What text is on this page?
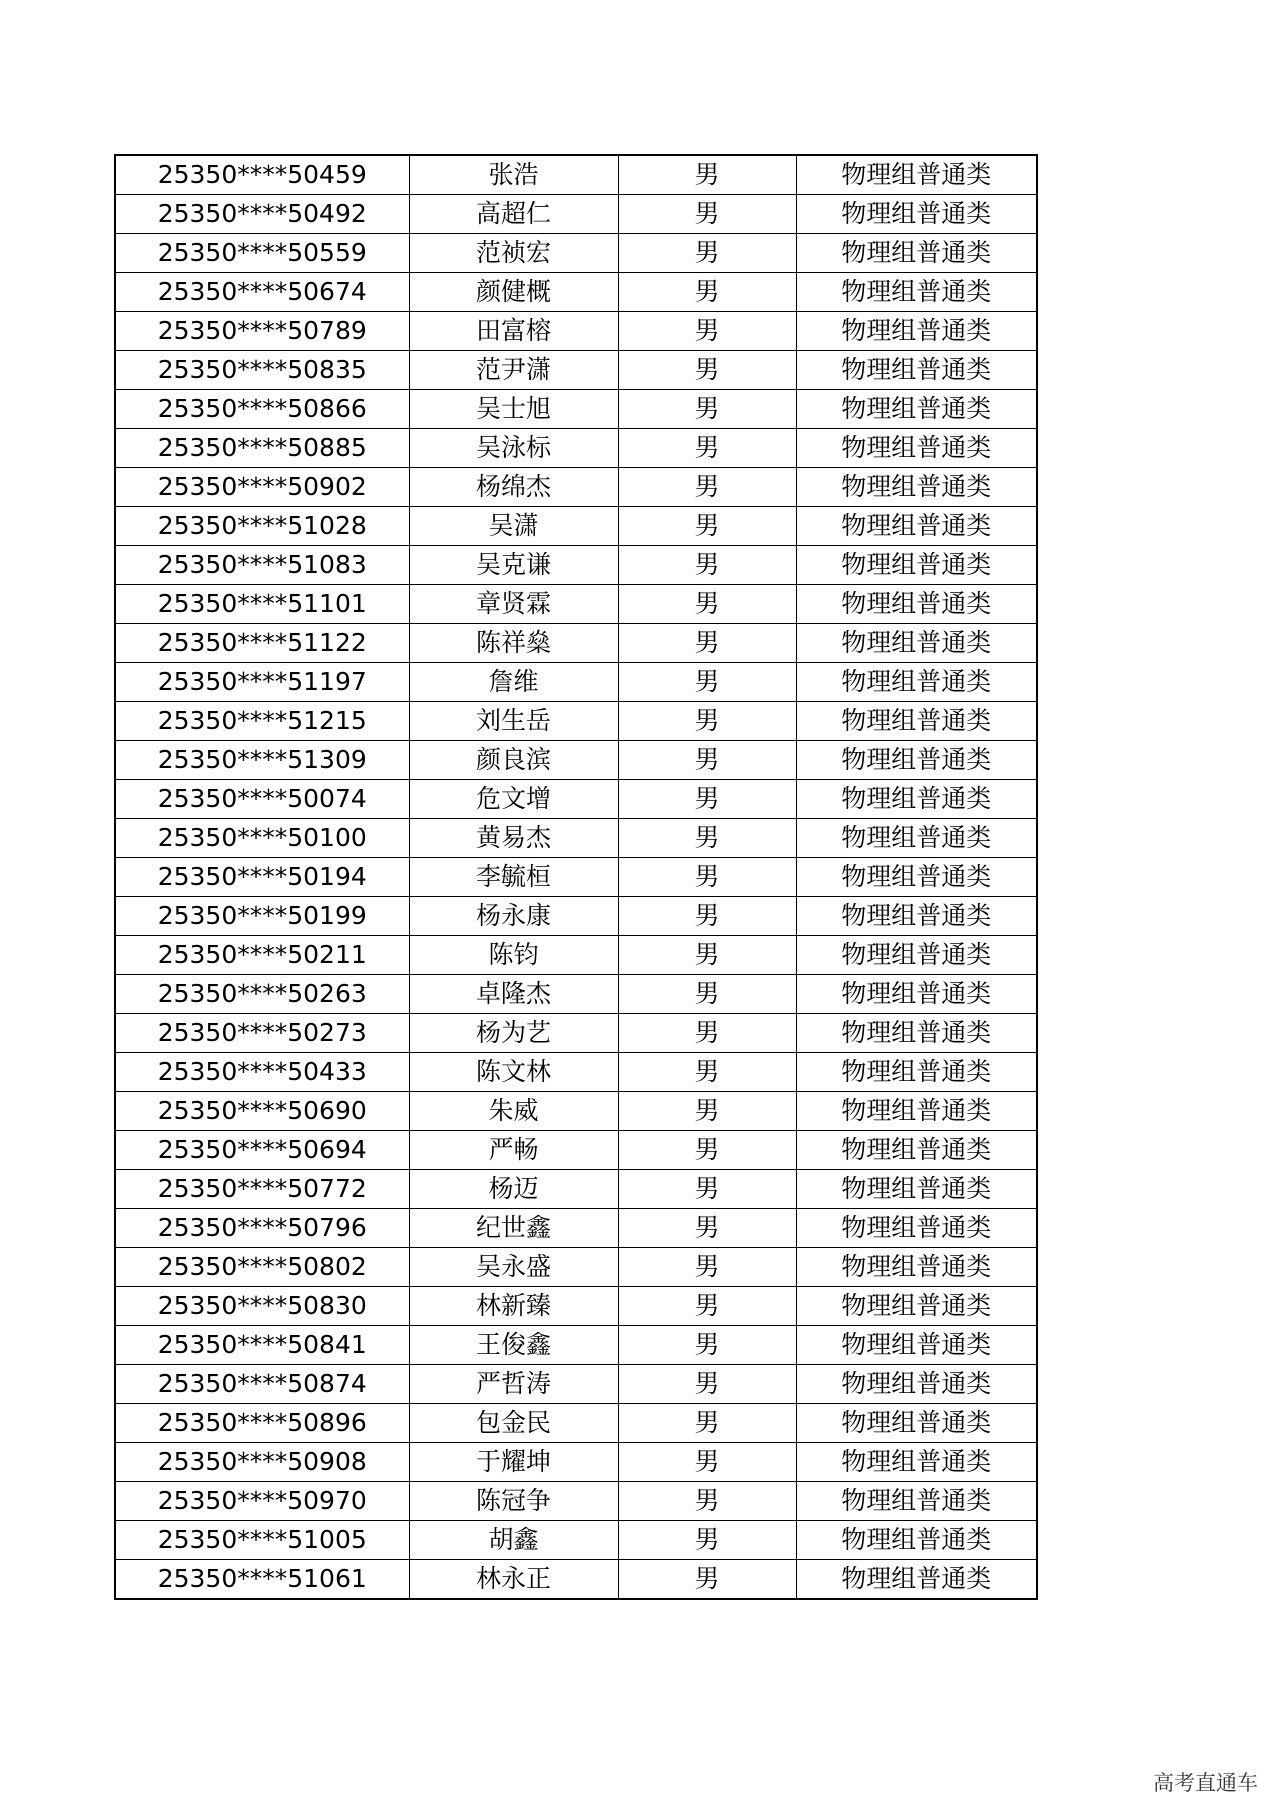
25350****50459	张浩	男	物理组普通类
25350****50492	高超仁	男	物理组普通类
25350****50559	范祯宏	男	物理组普通类
25350****50674	颜健概	男	物理组普通类
25350****50789	田富榕	男	物理组普通类
25350****50835	范尹潇	男	物理组普通类
25350****50866	吴士旭	男	物理组普通类
25350****50885	吴泳标	男	物理组普通类
25350****50902	杨绵杰	男	物理组普通类
25350****51028	吴潇	男	物理组普通类
25350****51083	吴克谦	男	物理组普通类
25350****51101	章贤霖	男	物理组普通类
25350****51122	陈祥燊	男	物理组普通类
25350****51197	詹维	男	物理组普通类
25350****51215	刘生岳	男	物理组普通类
25350****51309	颜良滨	男	物理组普通类
25350****50074	危文增	男	物理组普通类
25350****50100	黄易杰	男	物理组普通类
25350****50194	李毓桓	男	物理组普通类
25350****50199	杨永康	男	物理组普通类
25350****50211	陈钧	男	物理组普通类
25350****50263	卓隆杰	男	物理组普通类
25350****50273	杨为艺	男	物理组普通类
25350****50433	陈文林	男	物理组普通类
25350****50690	朱威	男	物理组普通类
25350****50694	严畅	男	物理组普通类
25350****50772	杨迈	男	物理组普通类
25350****50796	纪世鑫	男	物理组普通类
25350****50802	吴永盛	男	物理组普通类
25350****50830	林新臻	男	物理组普通类
25350****50841	王俊鑫	男	物理组普通类
25350****50874	严哲涛	男	物理组普通类
25350****50896	包金民	男	物理组普通类
25350****50908	于耀坤	男	物理组普通类
25350****50970	陈冠争	男	物理组普通类
25350****51005	胡鑫	男	物理组普通类
25350****51061	林永正	男	物理组普通类
高考直通车
